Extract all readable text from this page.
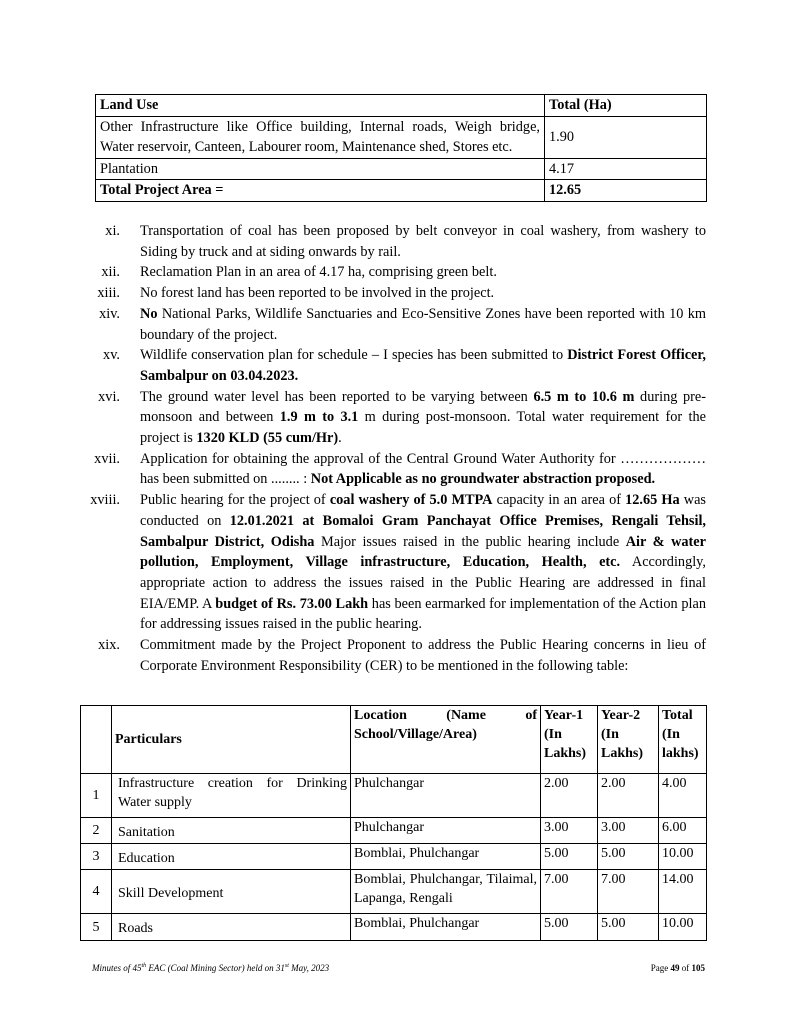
Land Use	Total (Ha)
Other Infrastructure like Office building, Internal roads, Weigh bridge, Water reservoir, Canteen, Labourer room, Maintenance shed, Stores etc.	1.90
Plantation	4.17
Total Project Area =	12.65
xi. Transportation of coal has been proposed by belt conveyor in coal washery, from washery to Siding by truck and at siding onwards by rail.
xii. Reclamation Plan in an area of 4.17 ha, comprising green belt.
xiii. No forest land has been reported to be involved in the project.
xiv. No National Parks, Wildlife Sanctuaries and Eco-Sensitive Zones have been reported with 10 km boundary of the project.
xv. Wildlife conservation plan for schedule – I species has been submitted to District Forest Officer, Sambalpur on 03.04.2023.
xvi. The ground water level has been reported to be varying between 6.5 m to 10.6 m during pre-monsoon and between 1.9 m to 3.1 m during post-monsoon. Total water requirement for the project is 1320 KLD (55 cum/Hr).
xvii. Application for obtaining the approval of the Central Ground Water Authority for ……………… has been submitted on ........ : Not Applicable as no groundwater abstraction proposed.
xviii. Public hearing for the project of coal washery of 5.0 MTPA capacity in an area of 12.65 Ha was conducted on 12.01.2021 at Bomaloi Gram Panchayat Office Premises, Rengali Tehsil, Sambalpur District, Odisha Major issues raised in the public hearing include Air & water pollution, Employment, Village infrastructure, Education, Health, etc. Accordingly, appropriate action to address the issues raised in the Public Hearing are addressed in final EIA/EMP. A budget of Rs. 73.00 Lakh has been earmarked for implementation of the Action plan for addressing issues raised in the public hearing.
xix. Commitment made by the Project Proponent to address the Public Hearing concerns in lieu of Corporate Environment Responsibility (CER) to be mentioned in the following table:
	Particulars	Location (Name of School/Village/Area)	Year-1 (In Lakhs)	Year-2 (In Lakhs)	Total (In lakhs)
1	Infrastructure creation for Drinking Water supply	Phulchangar	2.00	2.00	4.00
2	Sanitation	Phulchangar	3.00	3.00	6.00
3	Education	Bomblai, Phulchangar	5.00	5.00	10.00
4	Skill Development	Bomblai, Phulchangar, Tilaimal, Lapanga, Rengali	7.00	7.00	14.00
5	Roads	Bomblai, Phulchangar	5.00	5.00	10.00
Minutes of 45th EAC (Coal Mining Sector) held on 31st May, 2023	Page 49 of 105
